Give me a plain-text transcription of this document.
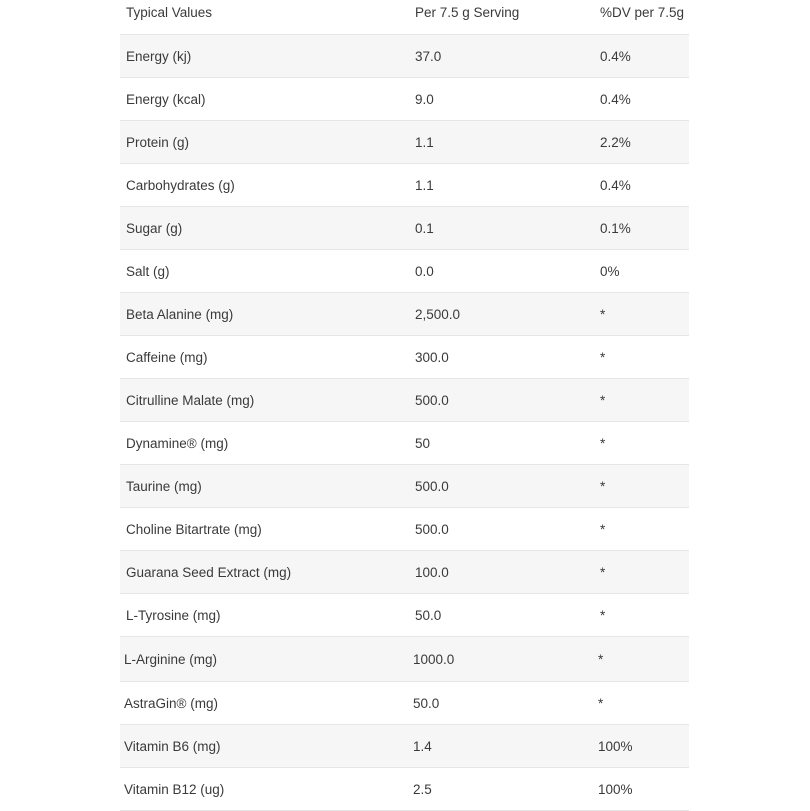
Typical Values	Per 7.5 g Serving	%DV per 7.5g
Energy (kj)	37.0	0.4%
Energy (kcal)	9.0	0.4%
Protein (g)	1.1	2.2%
Carbohydrates (g)	1.1	0.4%
Sugar (g)	0.1	0.1%
Salt (g)	0.0	0%
Beta Alanine (mg)	2,500.0	*
Caffeine (mg)	300.0	*
Citrulline Malate (mg)	500.0	*
Dynamine® (mg)	50	*
Taurine (mg)	500.0	*
Choline Bitartrate (mg)	500.0	*
Guarana Seed Extract (mg)	100.0	*
L-Tyrosine (mg)	50.0	*
L-Arginine (mg)	1000.0	*
AstraGin® (mg)	50.0	*
Vitamin B6 (mg)	1.4	100%
Vitamin B12 (ug)	2.5	100%
